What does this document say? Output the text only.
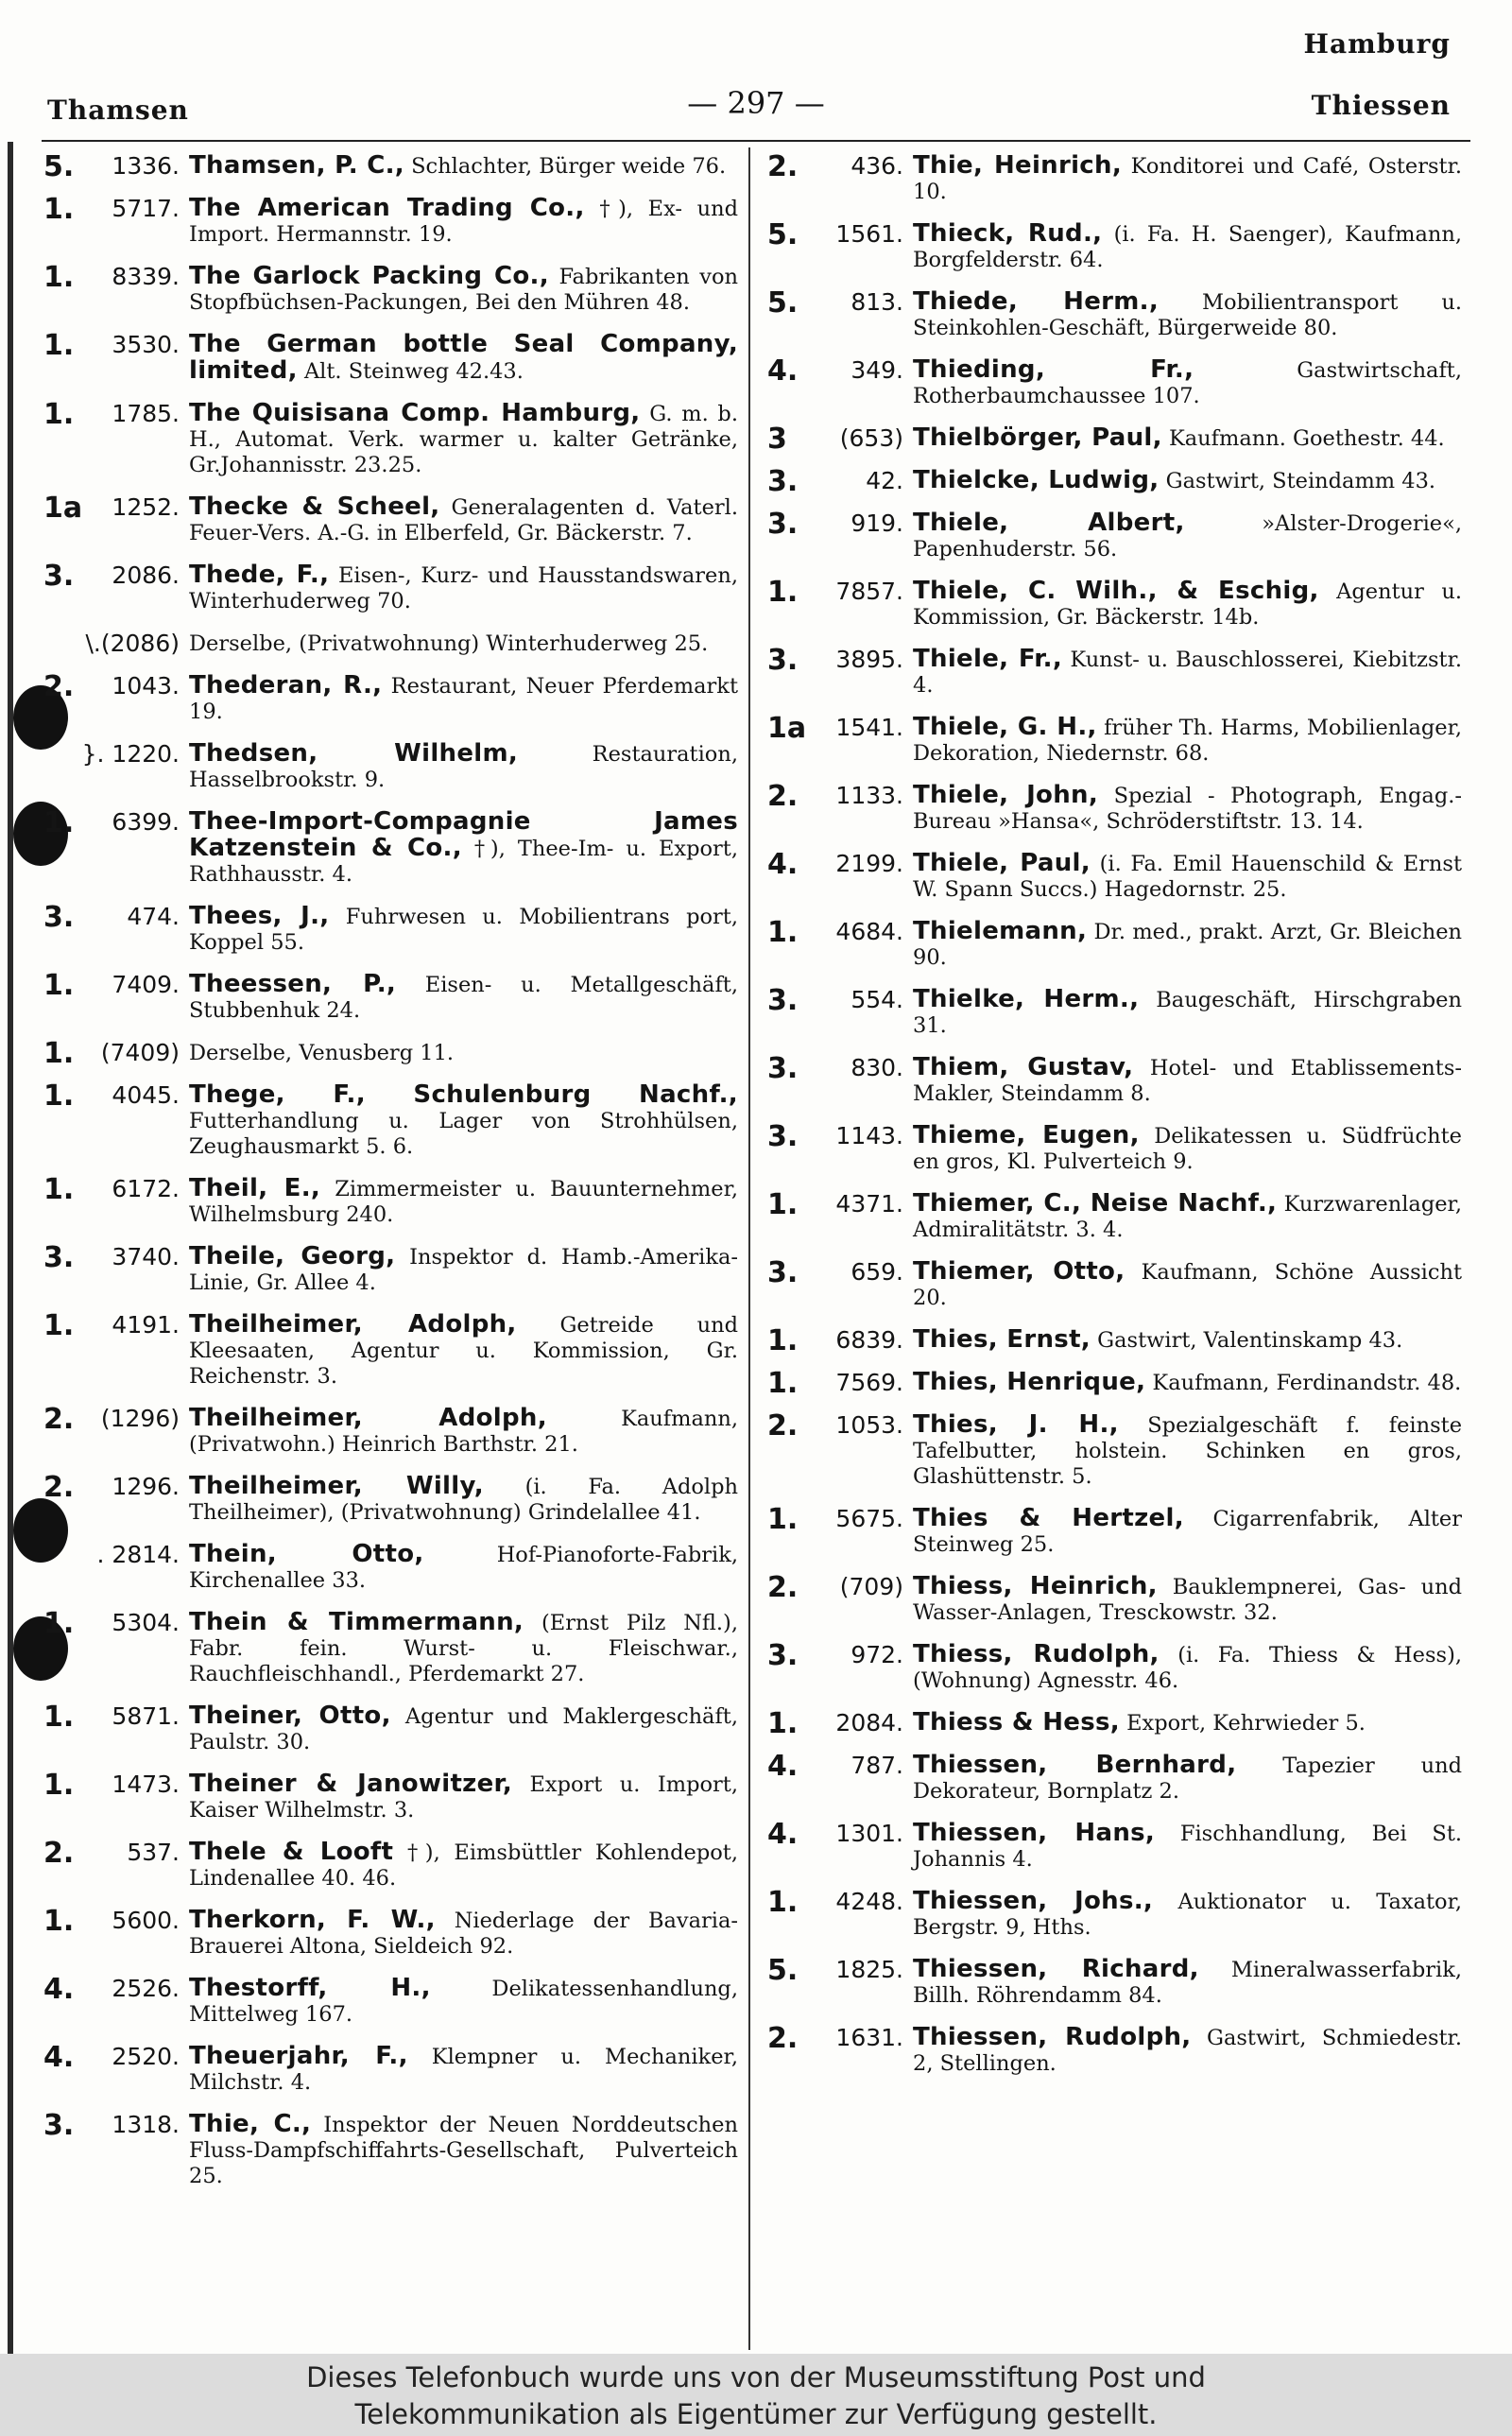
Hamburg
Thamsen	— 297 —	Thiessen
5.	1336. Thamsen, P. C., Schlachter, Bürger weide 76.
1.	5717. The American Trading Co., †), Ex- und Import. Hermannstr. 19.
1.	8339. The Garlock Packing Co., Fabrikanten von Stopfbüchsen-Packungen, Bei den Mühren 48.
1.	3530. The German bottle Seal Company, limited, Alt. Steinweg 42.43.
1.	1785. The Quisisana Comp. Hamburg, G. m. b. H., Automat. Verk. warmer u. kalter Getränke, Gr.Johannisstr. 23.25.
1a	1252. Thecke & Scheel, Generalagenten d. Vaterl. Feuer-Vers. A.-G. in Elberfeld, Gr. Bäckerstr. 7.
3.	2086. Thede, F., Eisen-, Kurz- und Hausstandswaren, Winterhuderweg 70.
\.(2086) Derselbe, (Privatwohnung) Winterhuderweg 25.
2.	1043. Thederan, R., Restaurant, Neuer Pferdemarkt 19.
}. 1220. Thedsen, Wilhelm,	Restauration, Hasselbrookstr. 9.
1.	6399. Thee-Import-Compagnie James Katzenstein & Co., †), Thee-Im- u. Export, Rathhausstr. 4.
3.	474. Thees, J., Fuhrwesen u. Mobilientrans port, Koppel 55.
1.	7409. Theessen, P., Eisen- u. Metallgeschäft, Stubbenhuk 24.
1.	(7409) Derselbe, Venusberg 11.
1.	4045. Thege, F., Schulenburg Nachf., Futterhandlung u. Lager von Strohhülsen, Zeughausmarkt 5. 6.
1.	6172. Theil, E., Zimmermeister u. Bauunternehmer, Wilhelmsburg 240.
3.	3740. Theile, Georg, Inspektor d. Hamb.-Amerika-Linie, Gr. Allee 4.
1.	4191. Theilheimer, Adolph, Getreide und Kleesaaten, Agentur u. Kommission, Gr. Reichenstr. 3.
2.	(1296) Theilheimer, Adolph,	Kaufmann, (Privatwohn.) Heinrich Barthstr. 21.
2.	1296. Theilheimer, Willy, (i. Fa. Adolph Theilheimer), (Privatwohnung) Grindelallee 41.
. 2814. Thein, Otto,	Hof-Pianoforte-Fabrik, Kirchenallee 33.
1.	5304. Thein & Timmermann, (Ernst Pilz Nfl.), Fabr. fein. Wurst- u. Fleischwar., Rauchfleischhandl., Pferdemarkt 27.
1.	5871. Theiner, Otto, Agentur und Maklergeschäft, Paulstr. 30.
1.	1473. Theiner & Janowitzer, Export u. Import, Kaiser Wilhelmstr. 3.
2.	537. Thele & Looft †), Eimsbüttler Kohlendepot, Lindenallee 40. 46.
1.	5600. Therkorn, F. W., Niederlage der Bavaria-Brauerei Altona, Sieldeich 92.
4.	2526. Thestorff, H.,	Delikatessenhandlung, Mittelweg 167.
4.	2520. Theuerjahr, F., Klempner u. Mechaniker, Milchstr. 4.
3.	1318. Thie, C., Inspektor der Neuen Norddeutschen Fluss-Dampfschiffahrts-Gesellschaft, Pulverteich 25.
2.	436. Thie, Heinrich, Konditorei und Café, Osterstr. 10.
5.	1561. Thieck, Rud., (i. Fa. H. Saenger), Kaufmann, Borgfelderstr. 64.
5.	813. Thiede, Herm., Mobilientransport u. Steinkohlen-Geschäft, Bürgerweide 80.
4.	349. Thieding, Fr.,	Gastwirtschaft, Rotherbaumchaussee 107.
3	(653) Thielbörger, Paul, Kaufmann. Goethestr. 44.
3.	42. Thielcke, Ludwig, Gastwirt, Steindamm 43.
3.	919. Thiele, Albert,	»Alster-Drogerie«, Papenhuderstr. 56.
1.	7857. Thiele, C. Wilh., & Eschig, Agentur u. Kommission, Gr. Bäckerstr. 14b.
3.	3895. Thiele, Fr., Kunst- u. Bauschlosserei, Kiebitzstr. 4.
1a	1541. Thiele, G. H., früher Th. Harms, Mobilienlager, Dekoration, Niedernstr. 68.
2.	1133. Thiele, John, Spezial - Photograph, Engag.-Bureau »Hansa«, Schröderstiftstr. 13. 14.
4.	2199. Thiele, Paul, (i. Fa. Emil Hauenschild & Ernst W. Spann Succs.) Hagedornstr. 25.
1.	4684. Thielemann, Dr. med., prakt. Arzt, Gr. Bleichen 90.
3.	554. Thielke, Herm., Baugeschäft, Hirschgraben 31.
3.	830. Thiem, Gustav, Hotel- und Etablissements-Makler, Steindamm 8.
3.	1143. Thieme, Eugen, Delikatessen u. Südfrüchte en gros, Kl. Pulverteich 9.
1.	4371. Thiemer, C., Neise Nachf., Kurzwarenlager, Admiralitätstr. 3. 4.
3.	659. Thiemer, Otto, Kaufmann, Schöne Aussicht 20.
1.	6839. Thies, Ernst, Gastwirt, Valentinskamp 43.
1.	7569. Thies, Henrique, Kaufmann, Ferdinandstr. 48.
2.	1053. Thies, J. H., Spezialgeschäft f. feinste Tafelbutter, holstein. Schinken en gros, Glashüttenstr. 5.
1.	5675. Thies & Hertzel, Cigarrenfabrik, Alter Steinweg 25.
2.	(709) Thiess, Heinrich, Bauklempnerei, Gas- und Wasser-Anlagen, Tresckowstr. 32.
3.	972. Thiess, Rudolph, (i. Fa. Thiess & Hess), (Wohnung) Agnesstr. 46.
1.	2084. Thiess & Hess, Export, Kehrwieder 5.
4.	787. Thiessen, Bernhard, Tapezier und Dekorateur, Bornplatz 2.
4.	1301. Thiessen, Hans, Fischhandlung, Bei St. Johannis 4.
1.	4248. Thiessen, Johs., Auktionator u. Taxator, Bergstr. 9, Hths.
5.	1825. Thiessen, Richard, Mineralwasserfabrik, Billh. Röhrendamm 84.
2.	1631. Thiessen, Rudolph, Gastwirt, Schmiedestr. 2, Stellingen.
Dieses Telefonbuch wurde uns von der Museumsstiftung Post und
Telekommunikation als Eigentümer zur Verfügung gestellt.
